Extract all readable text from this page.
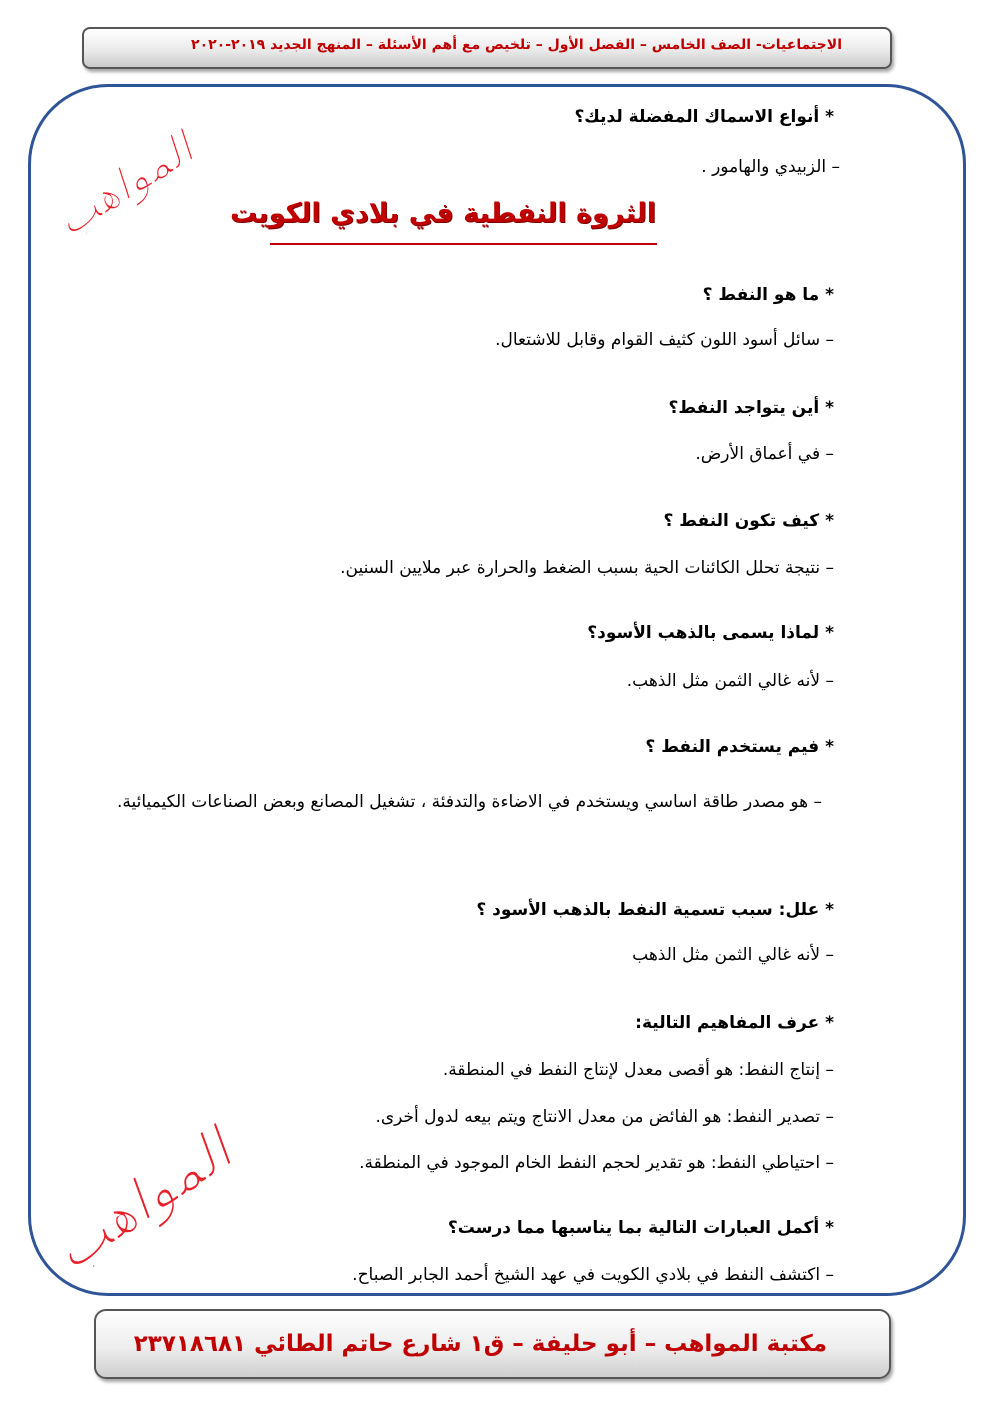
الاجتماعيات- الصف الخامس – الفصل الأول – تلخيص مع أهم الأسئلة – المنهج الجديد ٢٠١٩-٢٠٢٠
المواهب
المواهب
* أنواع الاسماك المفضلة لديك؟
– الزبيدي والهامور .
الثروة النفطية في بلادي الكويت
* ما هو النفط ؟
– سائل أسود اللون كثيف القوام وقابل للاشتعال.
* أين يتواجد النفط؟
– في أعماق الأرض.
* كيف تكون النفط ؟
– نتيجة تحلل الكائنات الحية بسبب الضغط والحرارة عبر ملايين السنين.
* لماذا يسمى بالذهب الأسود؟
– لأنه غالي الثمن مثل الذهب.
* فيم يستخدم النفط ؟
– هو مصدر طاقة اساسي ويستخدم في الاضاءة والتدفئة ، تشغيل المصانع وبعض الصناعات الكيميائية.
* علل: سبب تسمية النفط بالذهب الأسود ؟
– لأنه غالي الثمن مثل الذهب
* عرف المفاهيم التالية:
– إنتاج النفط: هو أقصى معدل لإنتاج النفط في المنطقة.
– تصدير النفط: هو الفائض من معدل الانتاج ويتم بيعه لدول أخرى.
– احتياطي النفط: هو تقدير لحجم النفط الخام الموجود في المنطقة.
* أكمل العبارات التالية بما يناسبها مما درست؟
– اكتشف النفط في بلادي الكويت في عهد الشيخ أحمد الجابر الصباح.
مكتبة المواهب – أبو حليفة – ق١ شارع حاتم الطائي ٢٣٧١٨٦٨١
